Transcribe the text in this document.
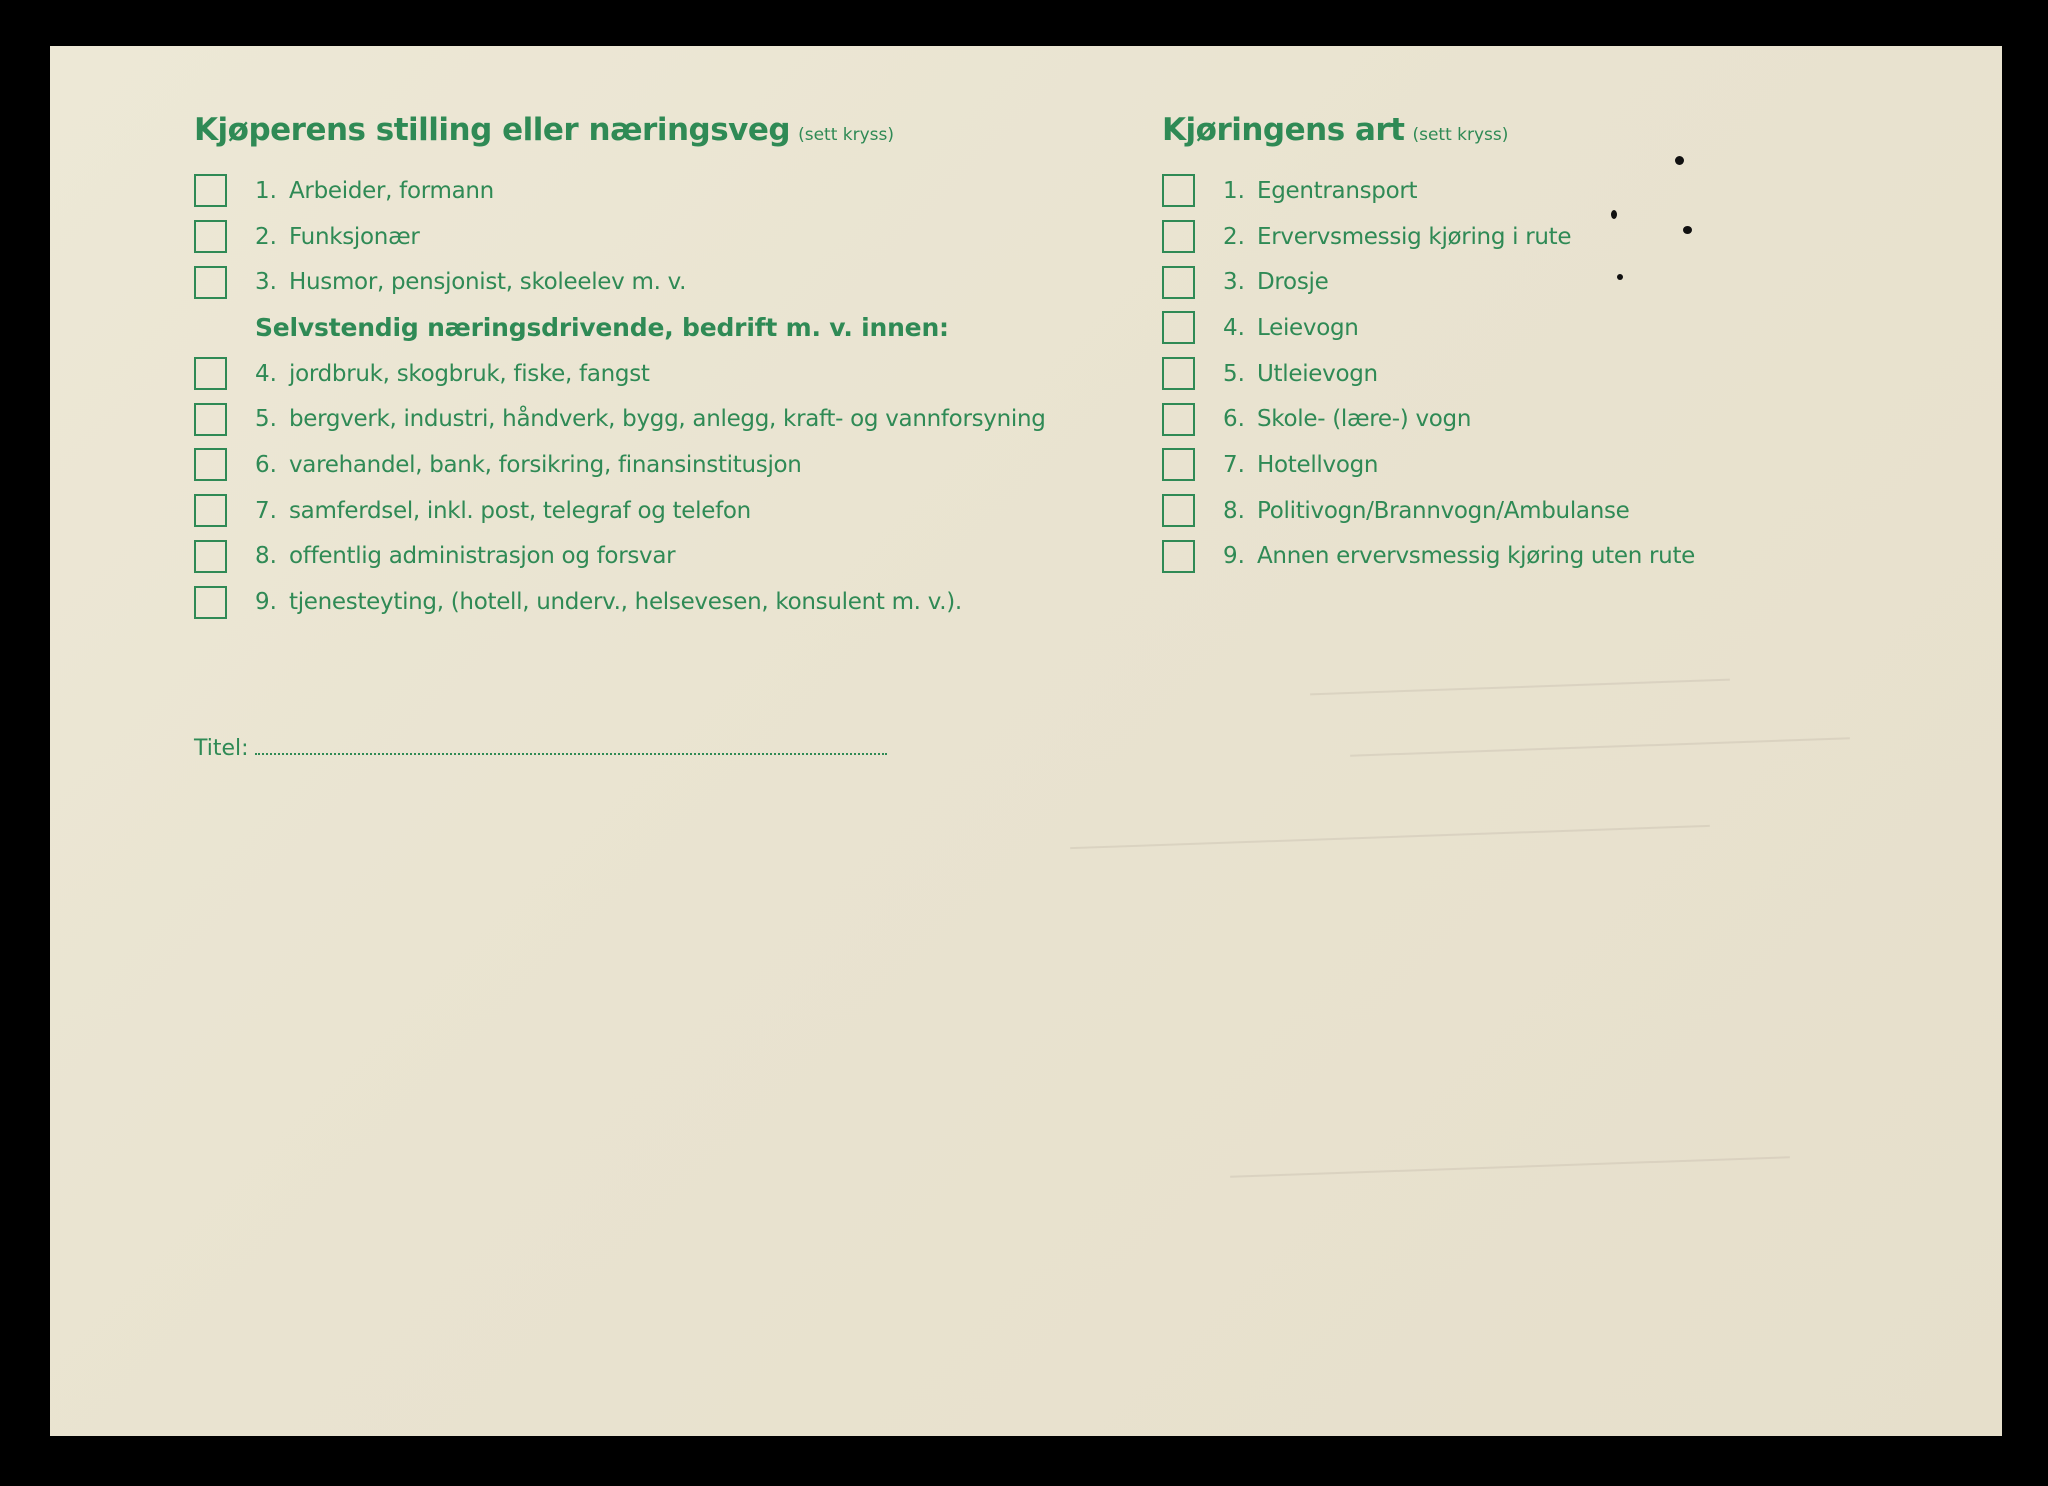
Kjøperens stilling eller næringsveg (sett kryss)
1. Arbeider, formann
2. Funksjonær
3. Husmor, pensjonist, skoleelev m. v.
Selvstendig næringsdrivende, bedrift m. v. innen:
4. jordbruk, skogbruk, fiske, fangst
5. bergverk, industri, håndverk, bygg, anlegg, kraft- og vannforsyning
6. varehandel, bank, forsikring, finansinstitusjon
7. samferdsel, inkl. post, telegraf og telefon
8. offentlig administrasjon og forsvar
9. tjenesteyting, (hotell, underv., helsevesen, konsulent m. v.).
Kjøringens art (sett kryss)
1. Egentransport
2. Ervervsmessig kjøring i rute
3. Drosje
4. Leievogn
5. Utleievogn
6. Skole- (lære-) vogn
7. Hotellvogn
8. Politivogn/Brannvogn/Ambulanse
9. Annen ervervsmessig kjøring uten rute
Titel:
